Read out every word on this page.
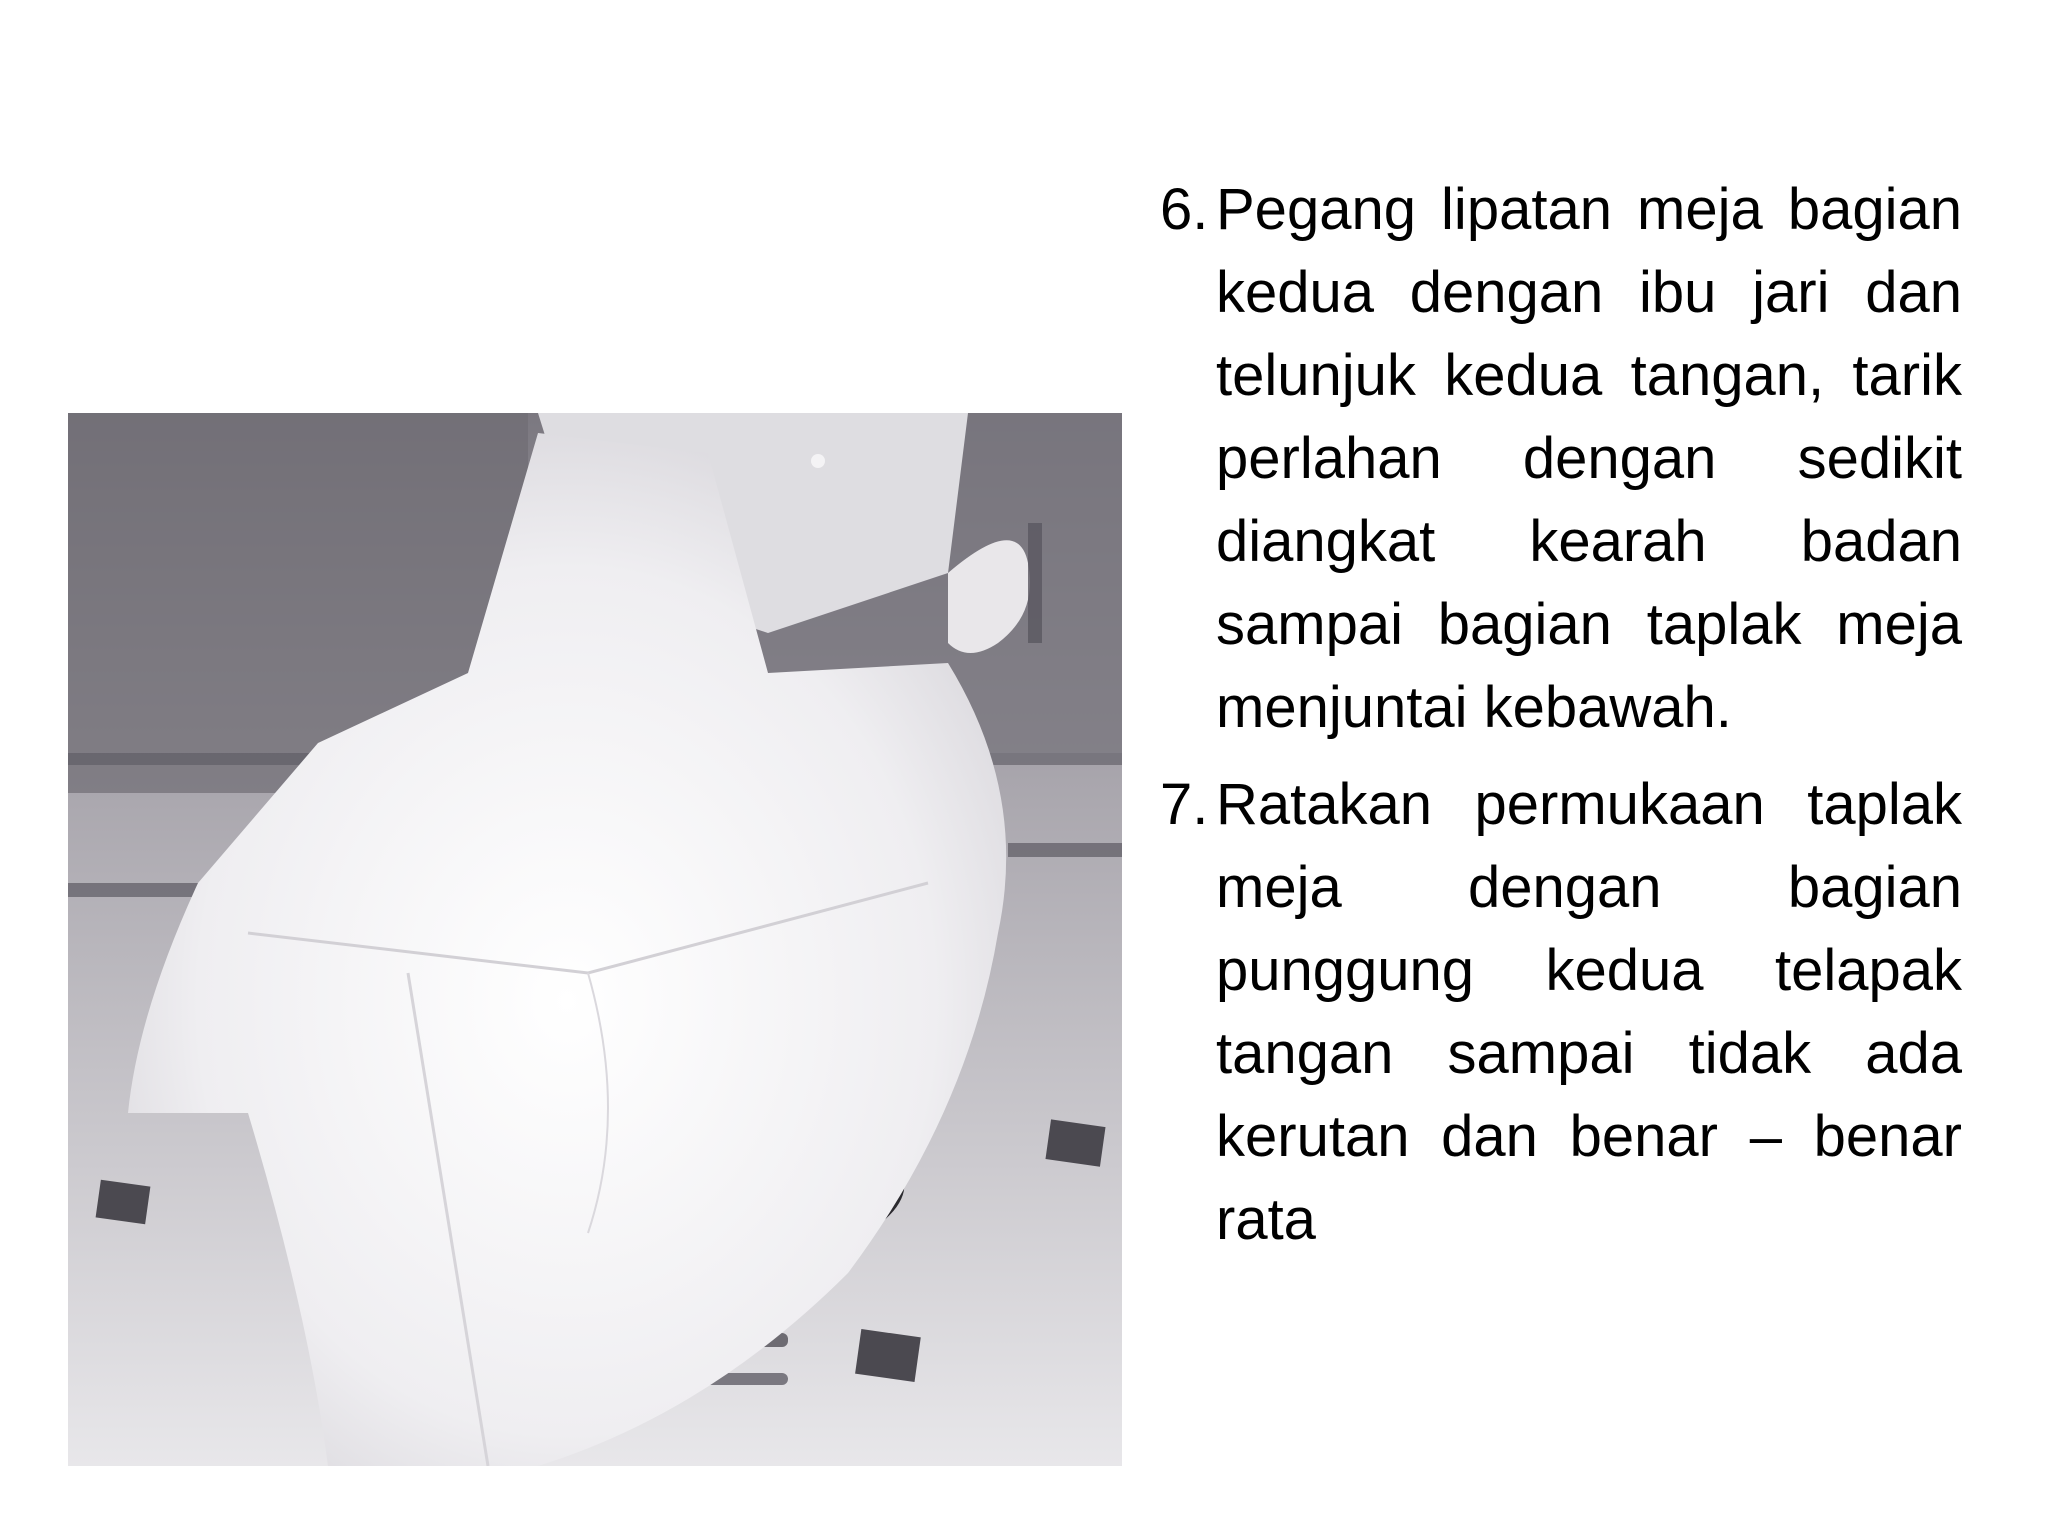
6. Pegang lipatan meja bagian kedua dengan ibu jari dan telunjuk kedua tangan, tarik perlahan dengan sedikit diangkat kearah badan sampai bagian taplak meja menjuntai kebawah.
7. Ratakan permukaan taplak meja dengan bagian punggung kedua telapak tangan sampai tidak ada kerutan dan benar – benar rata
